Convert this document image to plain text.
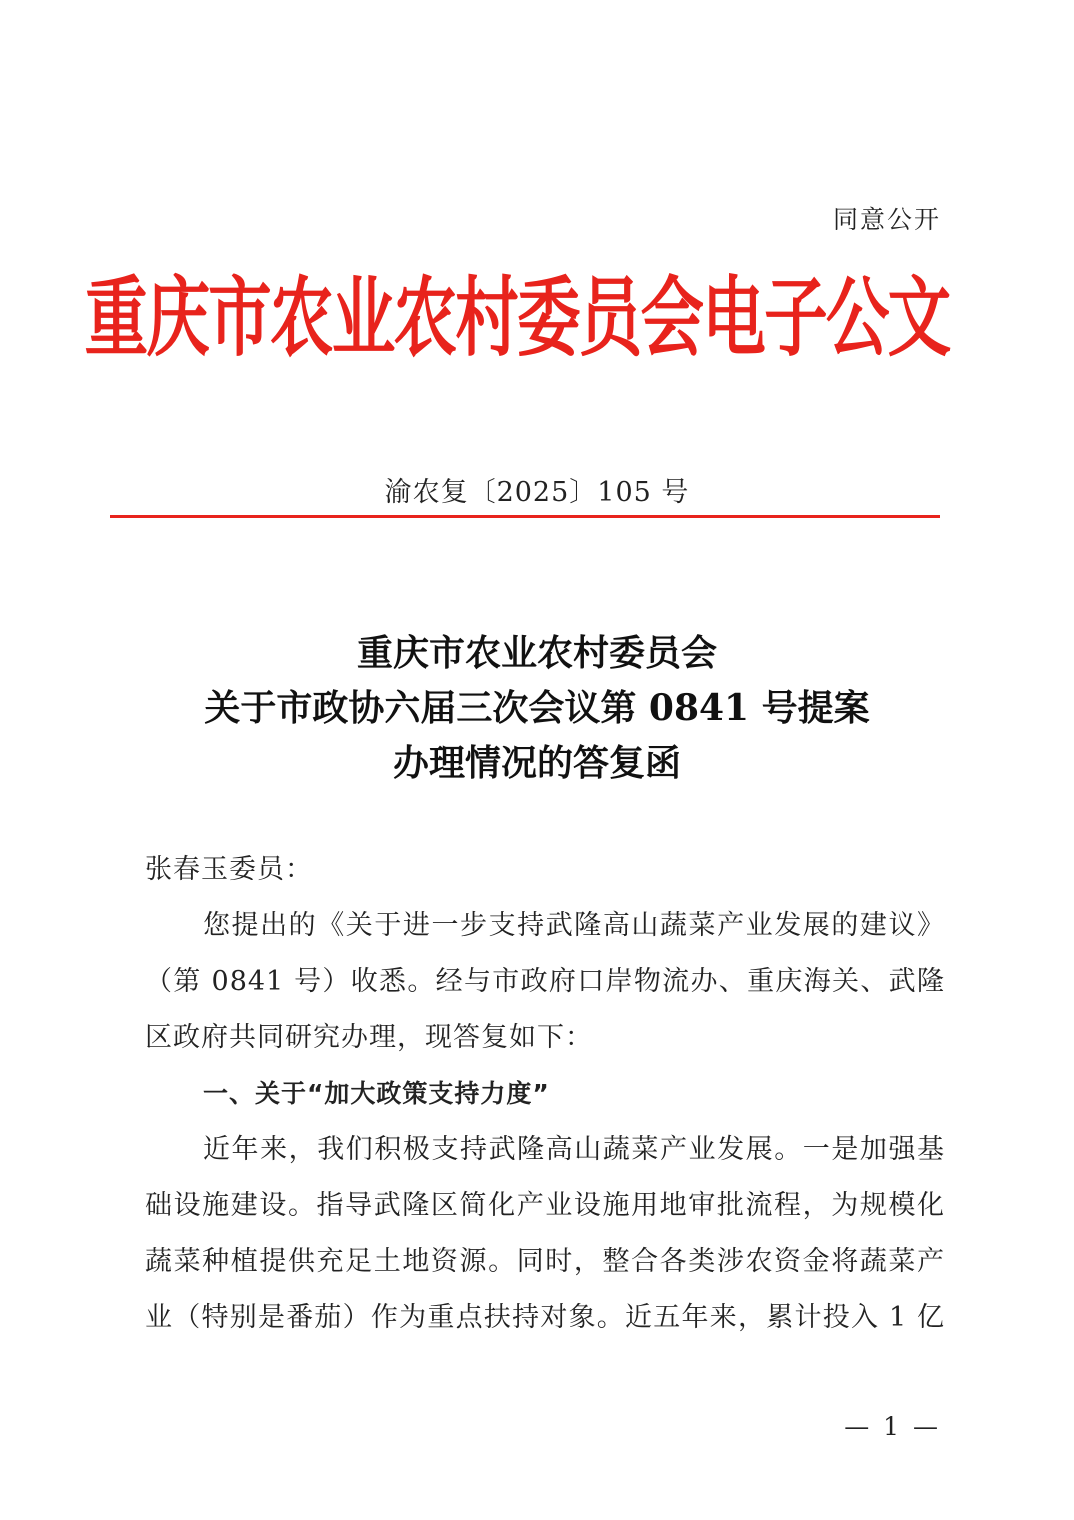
同意公开
重庆市农业农村委员会电子公文
渝农复〔2025〕105 号
重庆市农业农村委员会
关于市政协六届三次会议第 0841 号提案
办理情况的答复函
张春玉委员：
您提出的《关于进一步支持武隆高山蔬菜产业发展的建议》
（第 0841 号）收悉。经与市政府口岸物流办、重庆海关、武隆
区政府共同研究办理，现答复如下：
一、关于“加大政策支持力度”
近年来，我们积极支持武隆高山蔬菜产业发展。一是加强基
础设施建设。指导武隆区简化产业设施用地审批流程，为规模化
蔬菜种植提供充足土地资源。同时，整合各类涉农资金将蔬菜产
业（特别是番茄）作为重点扶持对象。近五年来，累计投入 1 亿
— 1 —
